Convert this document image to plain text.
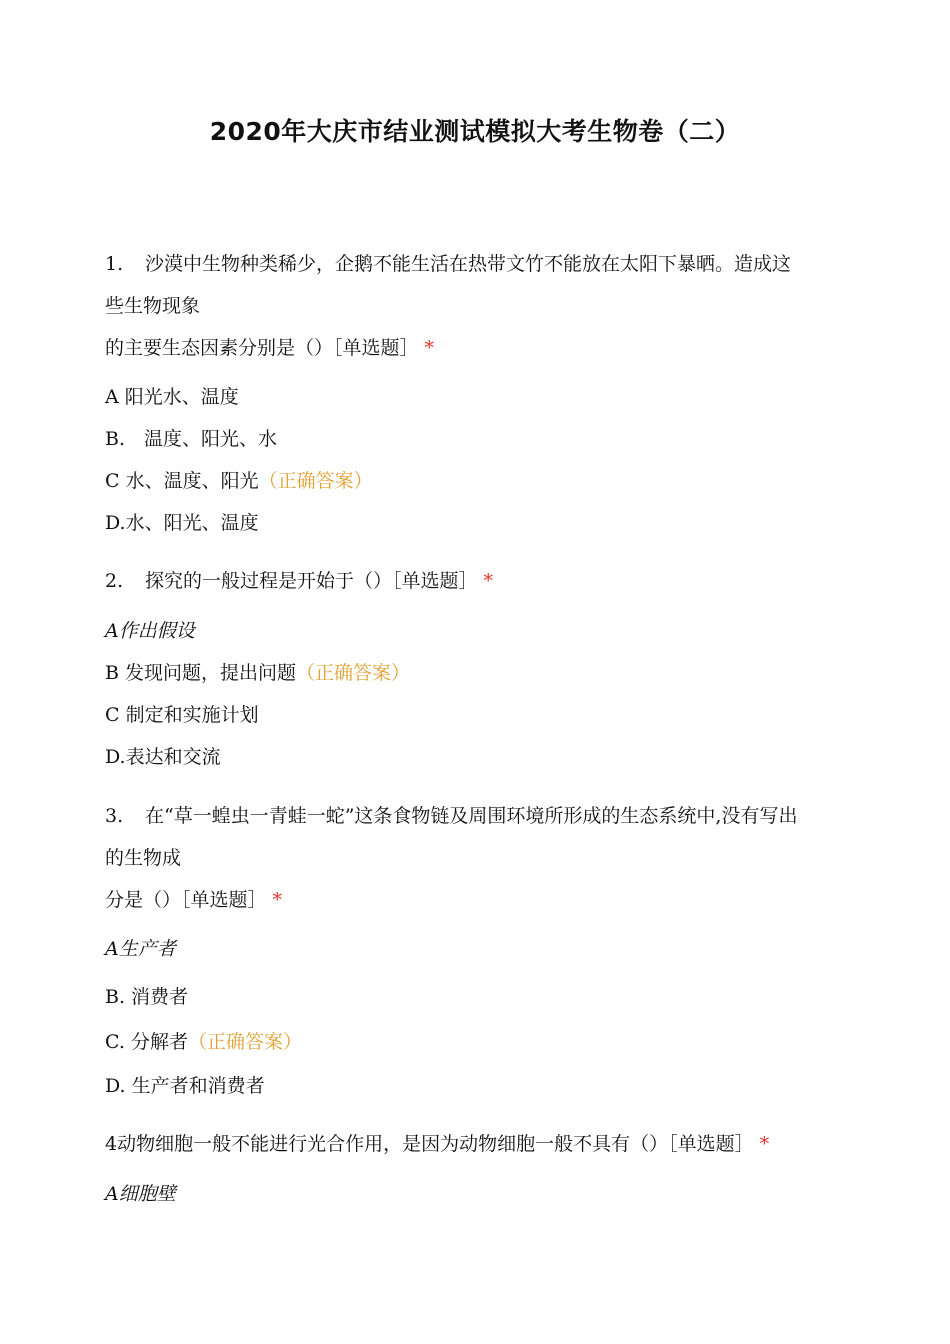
2020年大庆市结业测试模拟大考生物卷（二）
1. 沙漠中生物种类稀少，企鹅不能生活在热带文竹不能放在太阳下暴晒。造成这
些生物现象
的主要生态因素分别是（）［单选题］ *
A 阳光水、温度
B.　温度、阳光、水
C 水、温度、阳光（正确答案）
D.水、阳光、温度
2. 探究的一般过程是开始于（）［单选题］ *
A作出假设
B 发现问题，提出问题（正确答案）
C 制定和实施计划
D.表达和交流
3. 在“草一蝗虫一青蛙一蛇”这条食物链及周围环境所形成的生态系统中,没有写出
的生物成
分是（）［单选题］ *
A生产者
B. 消费者
C. 分解者（正确答案）
D. 生产者和消费者
4动物细胞一般不能进行光合作用，是因为动物细胞一般不具有（）［单选题］ *
A细胞壁
